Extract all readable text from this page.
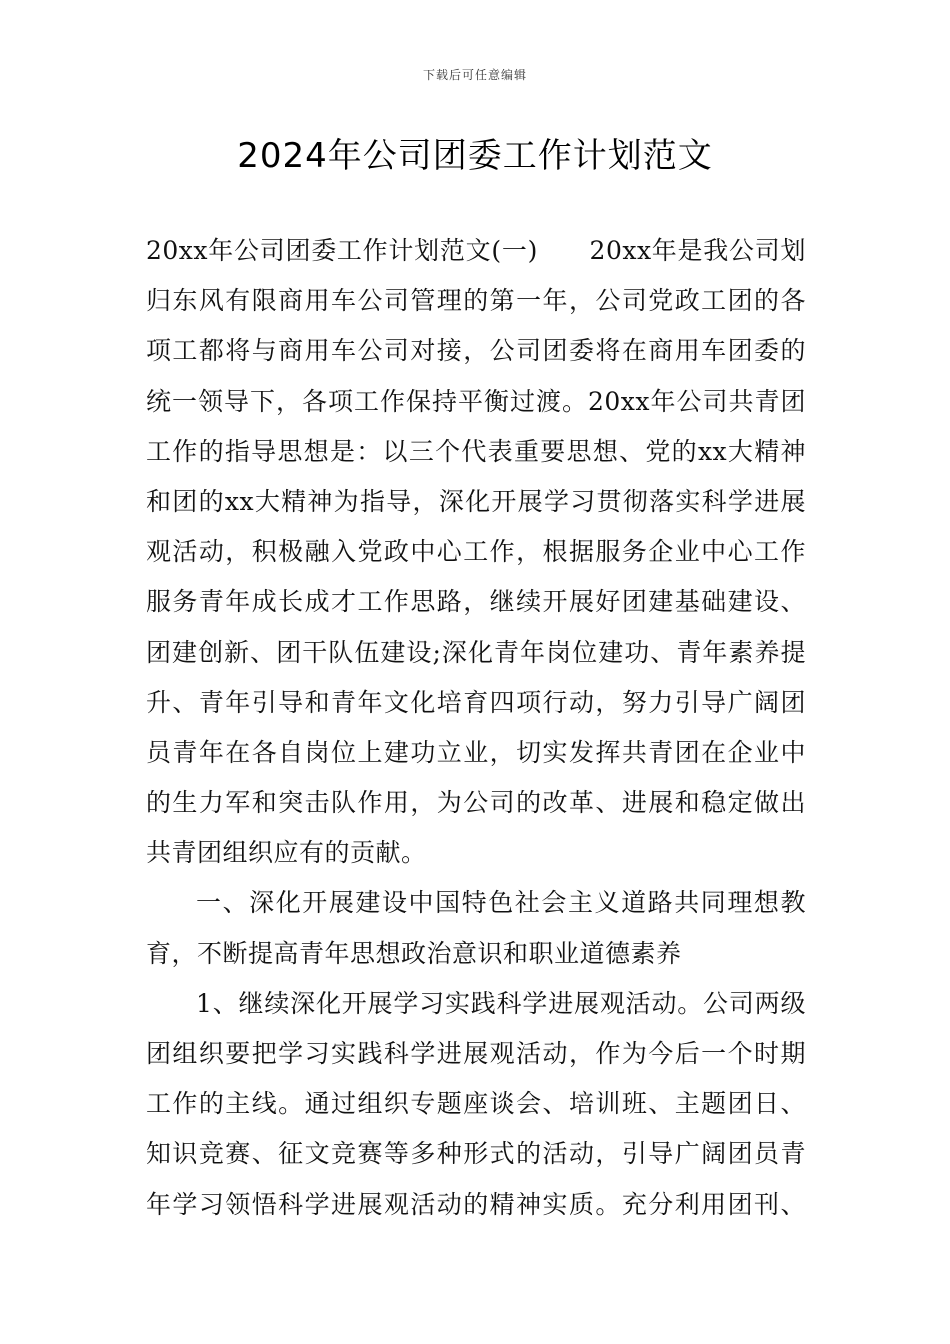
下载后可任意编辑
2024年公司团委工作计划范文
20xx年公司团委工作计划范文(一)　　20xx年是我公司划
归东风有限商用车公司管理的第一年，公司党政工团的各
项工都将与商用车公司对接，公司团委将在商用车团委的
统一领导下，各项工作保持平衡过渡。20xx年公司共青团
工作的指导思想是：以三个代表重要思想、党的xx大精神
和团的xx大精神为指导，深化开展学习贯彻落实科学进展
观活动，积极融入党政中心工作，根据服务企业中心工作
服务青年成长成才工作思路，继续开展好团建基础建设、
团建创新、团干队伍建设;深化青年岗位建功、青年素养提
升、青年引导和青年文化培育四项行动，努力引导广阔团
员青年在各自岗位上建功立业，切实发挥共青团在企业中
的生力军和突击队作用，为公司的改革、进展和稳定做出
共青团组织应有的贡献。
一、深化开展建设中国特色社会主义道路共同理想教
育，不断提高青年思想政治意识和职业道德素养
1、继续深化开展学习实践科学进展观活动。公司两级
团组织要把学习实践科学进展观活动，作为今后一个时期
工作的主线。通过组织专题座谈会、培训班、主题团日、
知识竞赛、征文竞赛等多种形式的活动，引导广阔团员青
年学习领悟科学进展观活动的精神实质。充分利用团刊、
